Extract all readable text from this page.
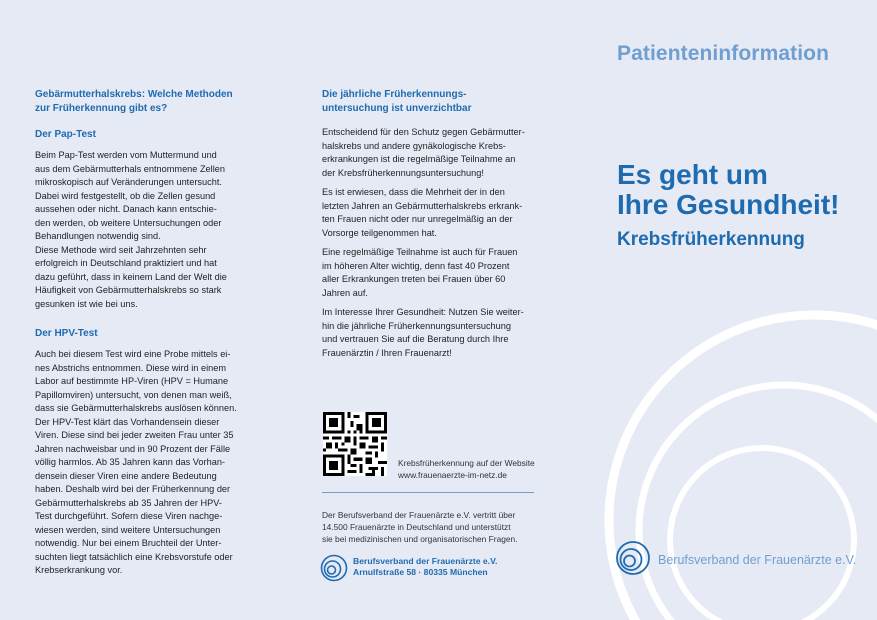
Gebärmutterhalskrebs: Welche Methoden
zur Früherkennung gibt es?

Der Pap-Test

Beim Pap-Test werden vom Muttermund und
aus dem Gebärmutterhals entnommene Zellen
mikroskopisch auf Veränderungen untersucht.
Dabei wird festgestellt, ob die Zellen gesund
aussehen oder nicht. Danach kann entschie-
den werden, ob weitere Untersuchungen oder
Behandlungen notwendig sind.
Diese Methode wird seit Jahrzehnten sehr
erfolgreich in Deutschland praktiziert und hat
dazu geführt, dass in keinem Land der Welt die
Häufigkeit von Gebärmutterhalskrebs so stark
gesunken ist wie bei uns.

Der HPV-Test

Auch bei diesem Test wird eine Probe mittels ei-
nes Abstrichs entnommen. Diese wird in einem
Labor auf bestimmte HP-Viren (HPV = Humane
Papillomviren) untersucht, von denen man weiß,
dass sie Gebärmutterhalskrebs auslösen können.
Der HPV-Test klärt das Vorhandensein dieser
Viren. Diese sind bei jeder zweiten Frau unter 35
Jahren nachweisbar und in 90 Prozent der Fälle
völlig harmlos. Ab 35 Jahren kann das Vorhan-
densein dieser Viren eine andere Bedeutung
haben. Deshalb wird bei der Früherkennung der
Gebärmutterhalskrebs ab 35 Jahren der HPV-
Test durchgeführt. Sofern diese Viren nachge-
wiesen werden, sind weitere Untersuchungen
notwendig. Nur bei einem Bruchteil der Unter-
suchten liegt tatsächlich eine Krebsvorstufe oder
Krebserkrankung vor.

Die jährliche Früherkennungs-
untersuchung ist unverzichtbar

Entscheidend für den Schutz gegen Gebärmutter-
halskrebs und andere gynäkologische Krebs-
erkrankungen ist die regelmäßige Teilnahme an
der Krebsfrüherkennungsuntersuchung!

Es ist erwiesen, dass die Mehrheit der in den
letzten Jahren an Gebärmutterhalskrebs erkrank-
ten Frauen nicht oder nur unregelmäßig an der
Vorsorge teilgenommen hat.

Eine regelmäßige Teilnahme ist auch für Frauen
im höheren Alter wichtig, denn fast 40 Prozent
aller Erkrankungen treten bei Frauen über 60
Jahren auf.

Im Interesse Ihrer Gesundheit: Nutzen Sie weiter-
hin die jährliche Früherkennungsuntersuchung
und vertrauen Sie auf die Beratung durch Ihre
Frauenärztin / Ihren Frauenarzt!

Krebsfrüherkennung auf der Website
www.frauenaerzte-im-netz.de
Der Berufsverband der Frauenärzte e.V. vertritt über
14.500 Frauenärzte in Deutschland und unterstützt
sie bei medizinischen und organisatorischen Fragen.
Berufsverband der Frauenärzte e.V.
Arnulfstraße 58 · 80335 München
Patienteninformation
Es geht um
Ihre Gesundheit!
Krebsfrüherkennung
Berufsverband der Frauenärzte e.V.
